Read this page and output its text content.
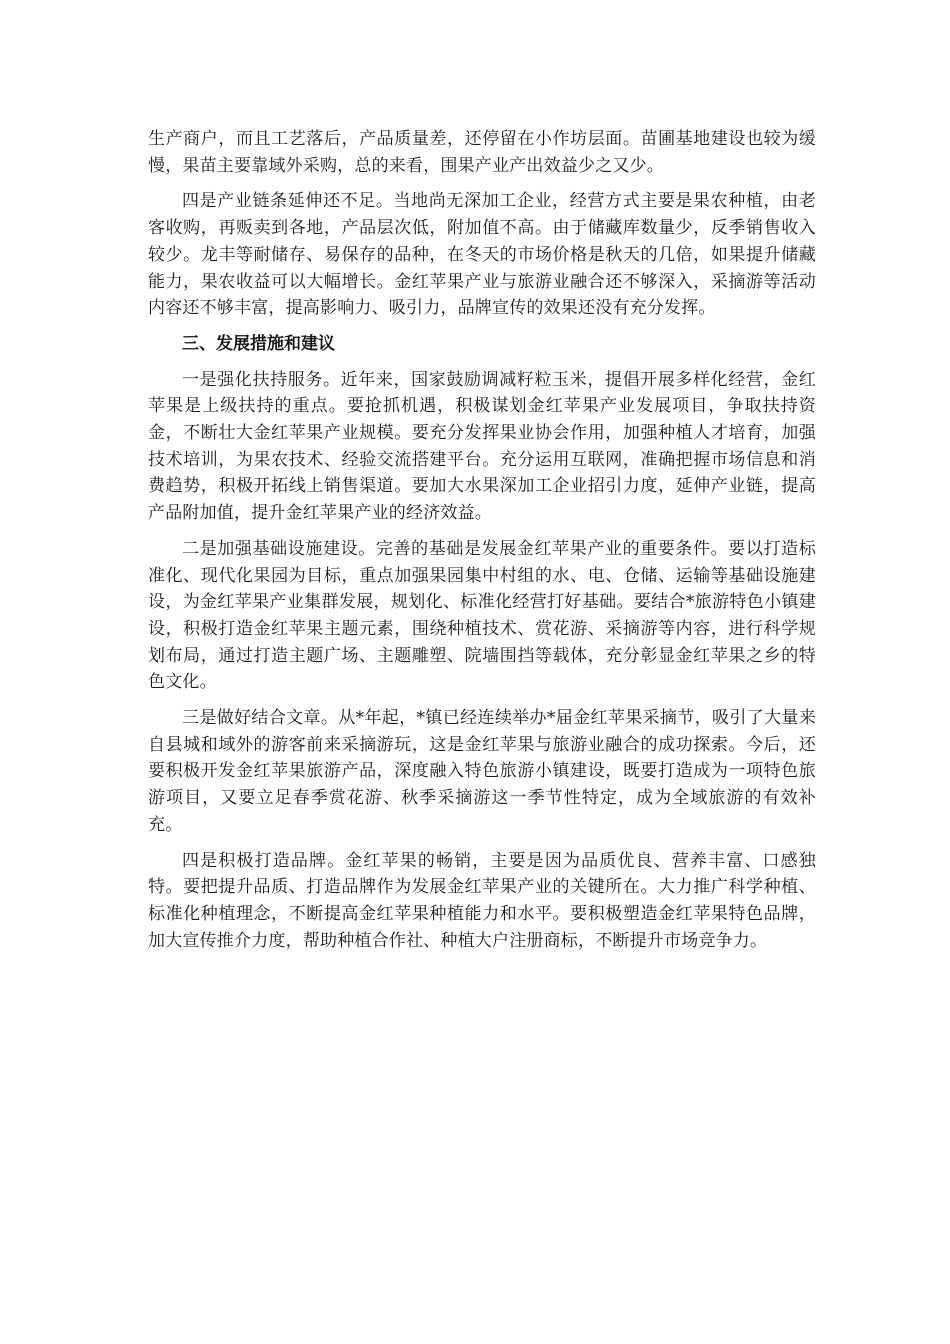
生产商户，而且工艺落后，产品质量差，还停留在小作坊层面。苗圃基地建设也较为缓慢，果苗主要靠域外采购，总的来看，围果产业产出效益少之又少。

四是产业链条延伸还不足。当地尚无深加工企业，经营方式主要是果农种植，由老客收购，再贩卖到各地，产品层次低，附加值不高。由于储藏库数量少，反季销售收入较少。龙丰等耐储存、易保存的品种，在冬天的市场价格是秋天的几倍，如果提升储藏能力，果农收益可以大幅增长。金红苹果产业与旅游业融合还不够深入，采摘游等活动内容还不够丰富，提高影响力、吸引力，品牌宣传的效果还没有充分发挥。

三、发展措施和建议

一是强化扶持服务。近年来，国家鼓励调减籽粒玉米，提倡开展多样化经营，金红苹果是上级扶持的重点。要抢抓机遇，积极谋划金红苹果产业发展项目，争取扶持资金，不断壮大金红苹果产业规模。要充分发挥果业协会作用，加强种植人才培育，加强技术培训，为果农技术、经验交流搭建平台。充分运用互联网，准确把握市场信息和消费趋势，积极开拓线上销售渠道。要加大水果深加工企业招引力度，延伸产业链，提高产品附加值，提升金红苹果产业的经济效益。

二是加强基础设施建设。完善的基础是发展金红苹果产业的重要条件。要以打造标准化、现代化果园为目标，重点加强果园集中村组的水、电、仓储、运输等基础设施建设，为金红苹果产业集群发展，规划化、标准化经营打好基础。要结合*旅游特色小镇建设，积极打造金红苹果主题元素，围绕种植技术、赏花游、采摘游等内容，进行科学规划布局，通过打造主题广场、主题雕塑、院墙围挡等载体，充分彰显金红苹果之乡的特色文化。

三是做好结合文章。从*年起，*镇已经连续举办*届金红苹果采摘节，吸引了大量来自县城和域外的游客前来采摘游玩，这是金红苹果与旅游业融合的成功探索。今后，还要积极开发金红苹果旅游产品，深度融入特色旅游小镇建设，既要打造成为一项特色旅游项目，又要立足春季赏花游、秋季采摘游这一季节性特定，成为全域旅游的有效补充。

四是积极打造品牌。金红苹果的畅销，主要是因为品质优良、营养丰富、口感独特。要把提升品质、打造品牌作为发展金红苹果产业的关键所在。大力推广科学种植、标准化种植理念，不断提高金红苹果种植能力和水平。要积极塑造金红苹果特色品牌，加大宣传推介力度，帮助种植合作社、种植大户注册商标，不断提升市场竞争力。
